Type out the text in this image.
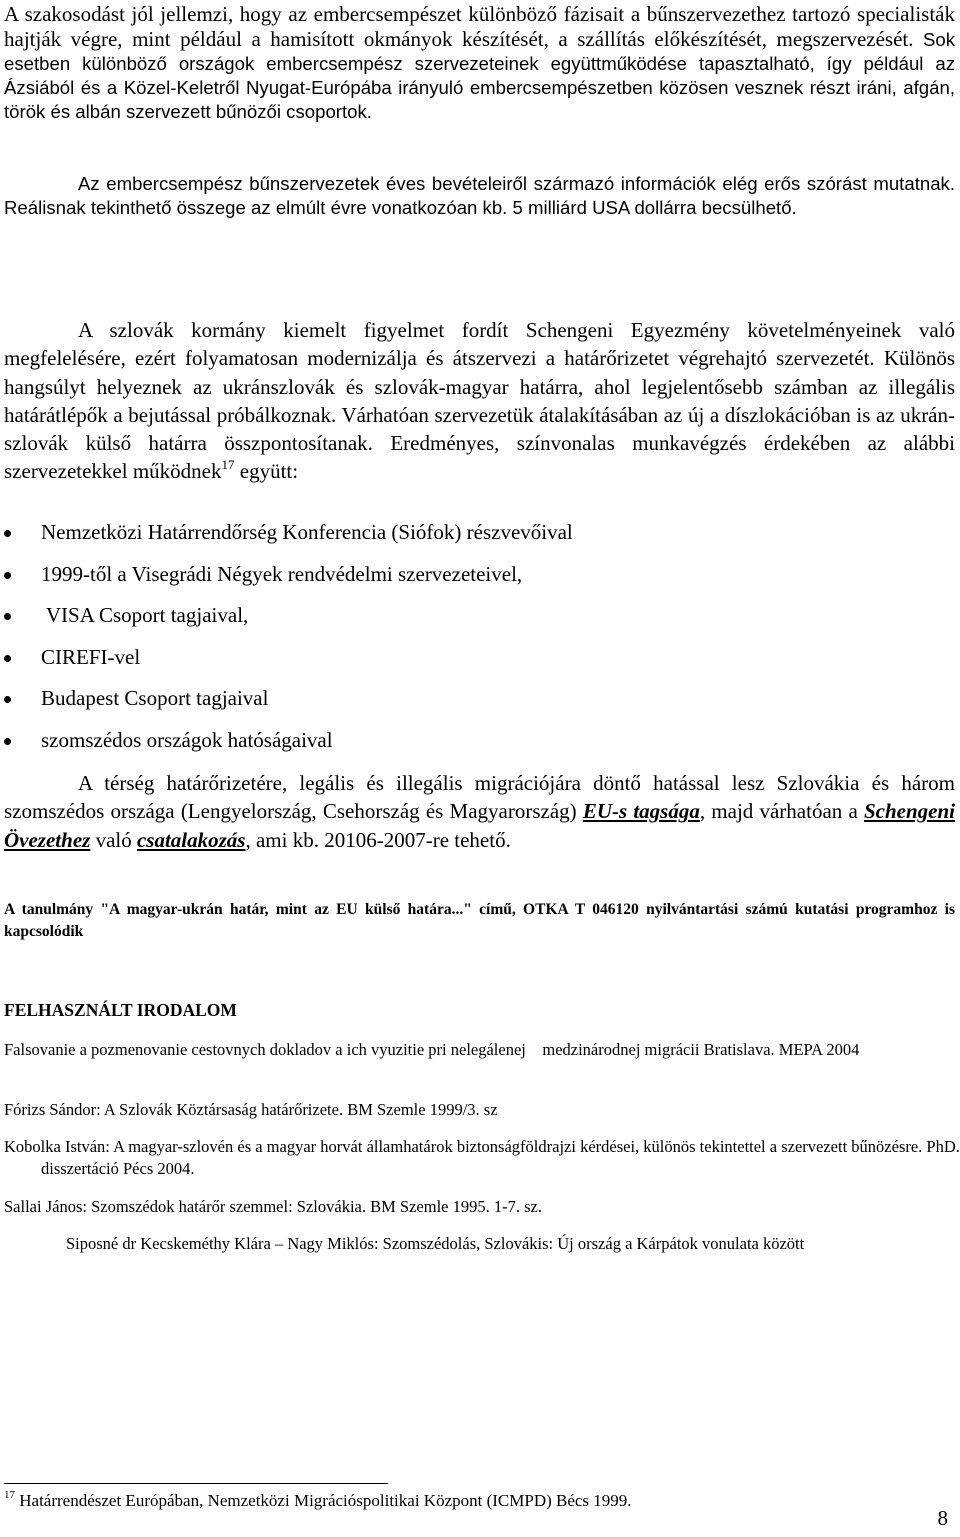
A szakosodást jól jellemzi, hogy az embercsempészet különböző fázisait a bűnszervezethez tartozó specialisták hajtják végre, mint például a hamisított okmányok készítését, a szállítás előkészítését, megszervezését. Sok esetben különböző országok embercsempész szervezeteinek együttműködése tapasztalható, így például az Ázsiából és a Közel-Keletről Nyugat-Európába irányuló embercsempészetben közösen vesznek részt iráni, afgán, török és albán szervezett bűnözői csoportok.
Az embercsempész bűnszervezetek éves bevételeiről származó információk elég erős szórást mutatnak. Reálisnak tekinthető összege az elmúlt évre vonatkozóan kb. 5 milliárd USA dollárra becsülhető.
A szlovák kormány kiemelt figyelmet fordít Schengeni Egyezmény követelményeinek való megfelelésére, ezért folyamatosan modernizálja és átszervezi a határőrizetet végrehajtó szervezetét. Különös hangsúlyt helyeznek az ukránszlovák és szlovák-magyar határra, ahol legjelentősebb számban az illegális határátlépők a bejutással próbálkoznak. Várhatóan szervezetük átalakításában az új a díszlokációban is az ukrán-szlovák külső határra összpontosítanak. Eredményes, színvonalas munkavégzés érdekében az alábbi szervezetekkel működnek$^{17}$ együtt:
Nemzetközi Határrendőrség Konferencia (Siófok) részvevőival
1999-től a Visegrádi Négyek rendvédelmi szervezeteivel,
VISA Csoport tagjaival,
CIREFI-vel
Budapest Csoport tagjaival
szomszédos országok hatóságaival
A térség határőrizetére, legális és illegális migrációjára döntő hatással lesz Szlovákia és három szomszédos országa (Lengyelország, Csehország és Magyarország) EU-s tagsága, majd várhatóan a Schengeni Övezethez való csatalakozás, ami kb. 20106-2007-re tehető.
A tanulmány "A magyar-ukrán határ, mint az EU külső határa..." című, OTKA T 046120 nyilvántartási számú kutatási programhoz is kapcsolódik
FELHASZNÁLT IRODALOM
Falsovanie a pozmenovanie cestovnych dokladov a ich vyuzitie pri nelegálenej    medzinárodnej migrácii Bratislava. MEPA 2004
Fórizs Sándor: A Szlovák Köztársaság határőrizete. BM Szemle 1999/3. sz
Kobolka István: A magyar-szlovén és a magyar horvát államhatárok biztonságföldrajzi kérdései, különös tekintettel a szervezett bűnözésre. PhD. disszertáció Pécs 2004.
Sallai János: Szomszédok határőr szemmel: Szlovákia. BM Szemle 1995. 1-7. sz.
Siposné dr Kecskeméthy Klára – Nagy Miklós: Szomszédolás, Szlovákis: Új ország a Kárpátok vonulata között
$^{17}$ Határrendészet Európában, Nemzetközi Migrációspolitikai Központ (ICMPD) Bécs 1999.
8
